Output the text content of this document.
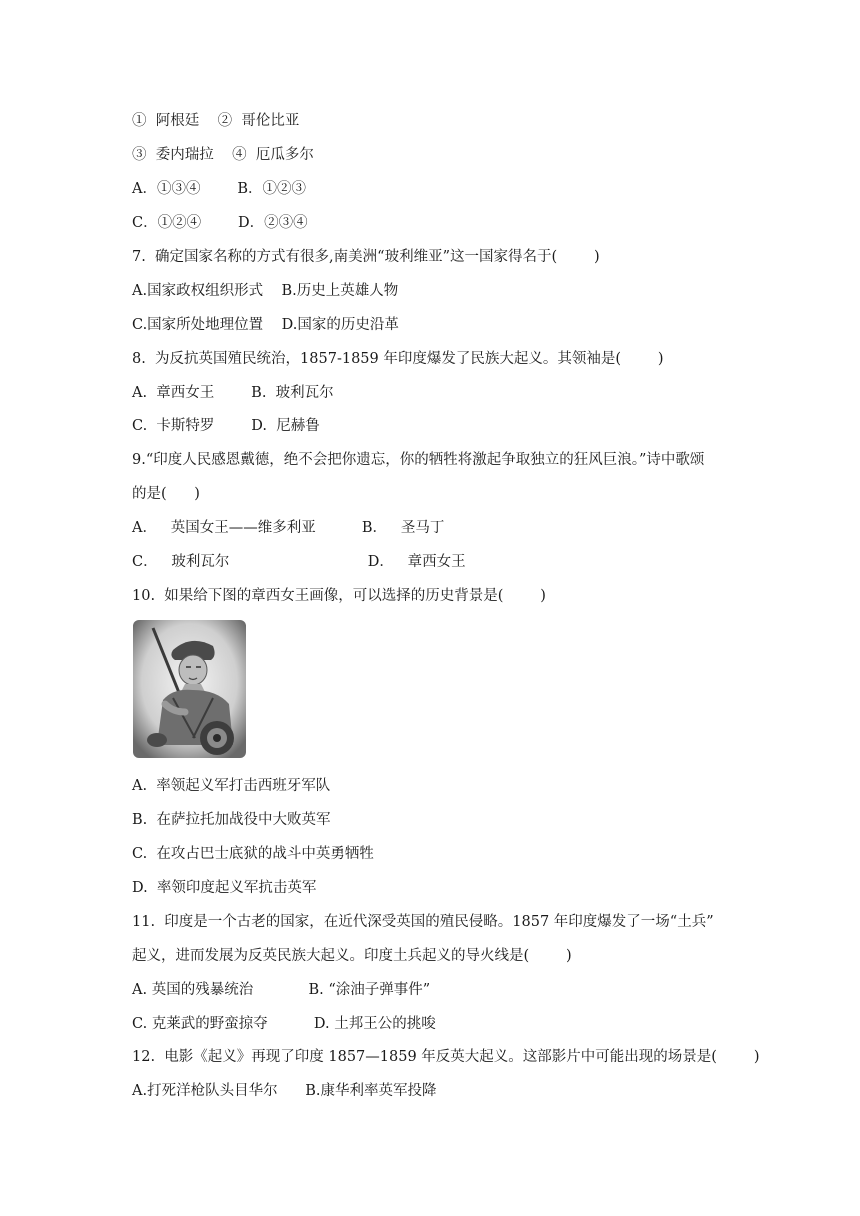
①  阿根廷    ②  哥伦比亚
③  委内瑞拉    ④  厄瓜多尔
A．①③④        B．①②③
C．①②④        D．②③④
7.  确定国家名称的方式有很多,南美洲“玻利维亚”这一国家得名于(        )
A.国家政权组织形式    B.历史上英雄人物
C.国家所处地理位置    D.国家的历史沿革
8.  为反抗英国殖民统治，1857-1859 年印度爆发了民族大起义。其领袖是(        )
A.  章西女王        B.  玻利瓦尔
C.  卡斯特罗        D.  尼赫鲁
9.“印度人民感恩戴德，绝不会把你遗忘，你的牺牲将激起争取独立的狂风巨浪。”诗中歌颂
的是(      )
A．   英国女王——维多利亚          B．   圣马丁
C．   玻利瓦尔                              D．   章西女王
10.  如果给下图的章西女王画像，可以选择的历史背景是(        )
A.  率领起义军打击西班牙军队
B.  在萨拉托加战役中大败英军
C.  在攻占巴士底狱的战斗中英勇牺牲
D.  率领印度起义军抗击英军
11.  印度是一个古老的国家，在近代深受英国的殖民侵略。1857 年印度爆发了一场“土兵”
起义，进而发展为反英民族大起义。印度土兵起义的导火线是(        )
A. 英国的残暴统治            B. “涂油子弹事件”
C. 克莱武的野蛮掠夺          D. 土邦王公的挑唆
12.  电影《起义》再现了印度 1857—1859 年反英大起义。这部影片中可能出现的场景是(        )
A.打死洋枪队头目华尔      B.康华利率英军投降
